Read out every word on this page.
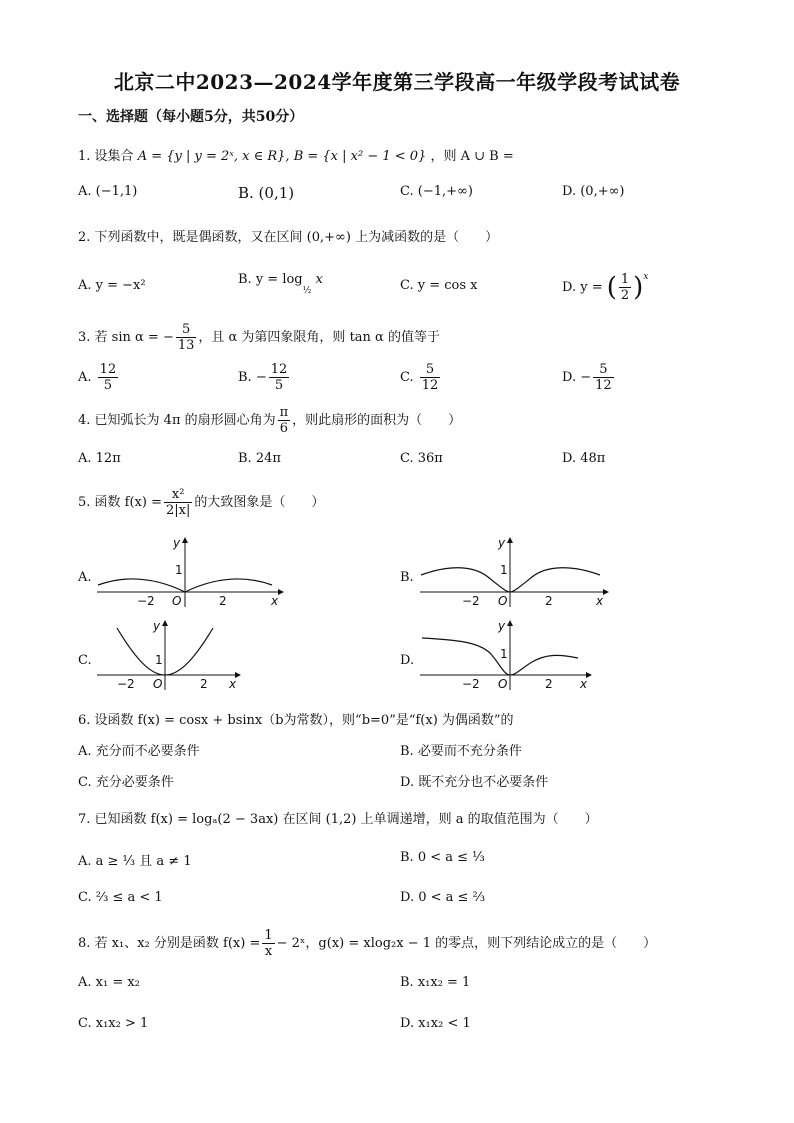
北京二中2023—2024学年度第三学段高一年级学段考试试卷
一、选择题（每小题5分，共50分）
1. 设集合 A = {y | y = 2ˣ, x ∈ R}, B = {x | x² − 1 < 0} ，则 A ∪ B =
A. (−1,1)	B. (0,1)	C. (−1,+∞)	D. (0,+∞)
2. 下列函数中，既是偶函数，又在区间 (0,+∞) 上为减函数的是（　　）
A. y = −x²	B. $y = \log_{\frac{1}{2}} x$	C. y = cos x	D. y = ( $\frac{1}{2} )^x$
3. 若 sin α = − $\frac{5}{13}$ ，且 α 为第四象限角，则 tan α 的值等于
A. $\frac{12}{5}$	B. − $\frac{12}{5}$	C. $\frac{5}{12}$	D. − $\frac{5}{12}$
4. 已知弧长为 4π 的扇形圆心角为 $\frac{\pi}{6}$ ，则此扇形的面积为（　　）
A. 12π	B. 24π	C. 36π	D. 48π
5. 函数 $f(x) = \frac{\text{x²}}{2|x|}$ 的大致图象是（　　）
A.	B.
C.	D.
y
1
−2 O	2	x
y
1
−2 O	2	x
y
1
−2 O	2 x
y
1
−2 O	2 x
6. 设函数 f(x) = cosx + bsinx（b为常数），则“b=0”是“f(x) 为偶函数”的
A. 充分而不必要条件	B. 必要而不充分条件
C. 充分必要条件	D. 既不充分也不必要条件
7. 已知函数 f(x) = logₐ(2 − 3ax) 在区间 (1,2) 上单调递增，则 a 的取值范围为（　　）
A. a ≥ ⅓ 且 a ≠ 1	B. 0 < a ≤ ⅓
C. ⅔ ≤ a < 1	D. 0 < a ≤ ⅔
8. 若 x₁、x₂ 分别是函数 $f(x) = \frac{1}{x}$ − 2ˣ，g(x) = xlog₂x − 1 的零点，则下列结论成立的是（　　）
A. x₁ = x₂	B. x₁x₂ = 1
C. x₁x₂ > 1	D. x₁x₂ < 1
